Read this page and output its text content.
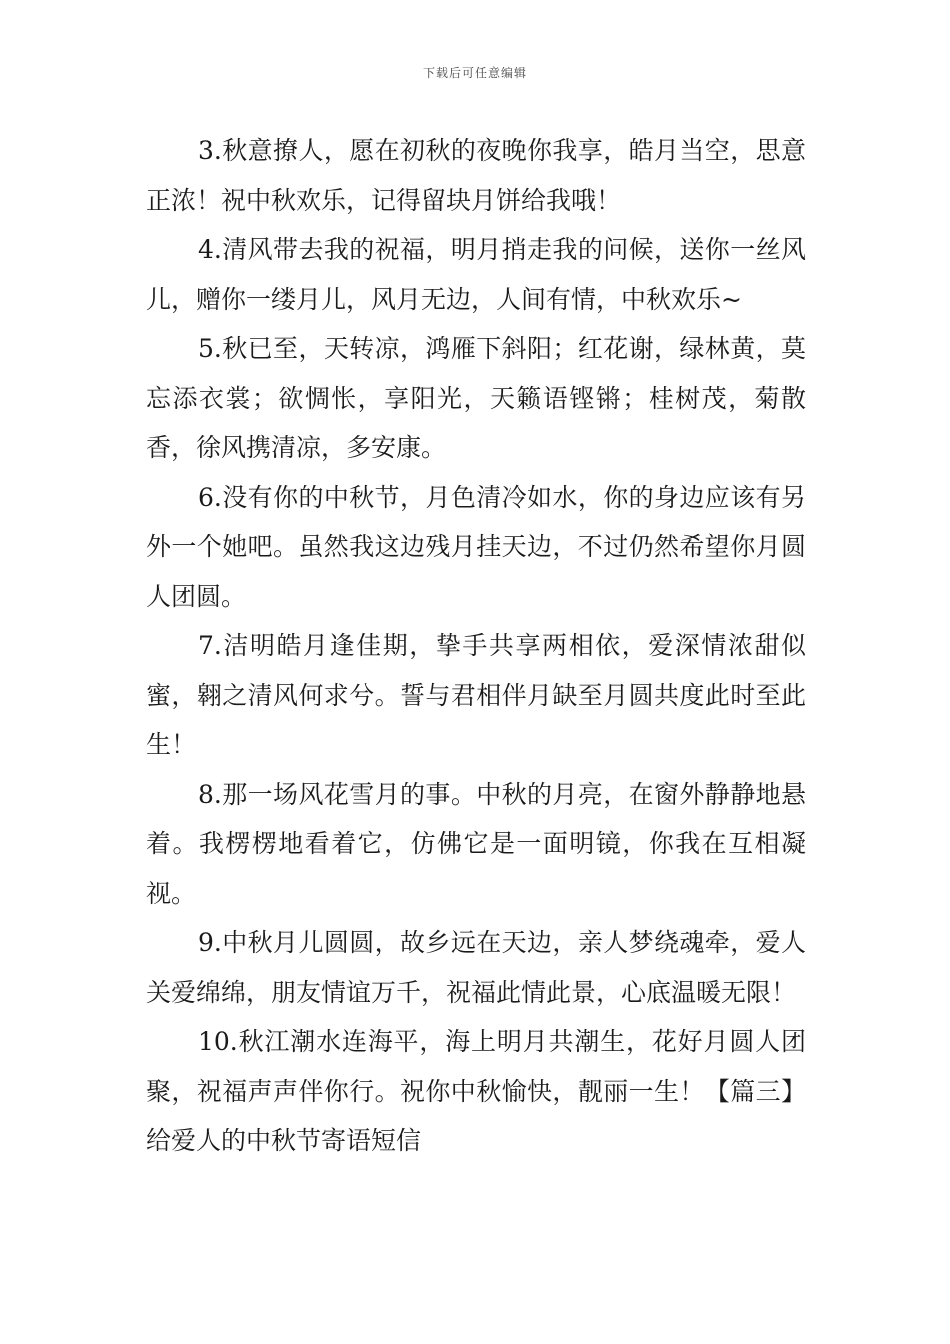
下载后可任意编辑

3.秋意撩人，愿在初秋的夜晚你我享，皓月当空，思意正浓！祝中秋欢乐，记得留块月饼给我哦！

4.清风带去我的祝福，明月捎走我的问候，送你一丝风儿，赠你一缕月儿，风月无边，人间有情，中秋欢乐~

5.秋已至，天转凉，鸿雁下斜阳；红花谢，绿林黄，莫忘添衣裳；欲惆怅，享阳光，天籁语铿锵；桂树茂，菊散香，徐风携清凉，多安康。

6.没有你的中秋节，月色清冷如水，你的身边应该有另外一个她吧。虽然我这边残月挂天边，不过仍然希望你月圆人团圆。

7.洁明皓月逢佳期，挚手共享两相依，爱深情浓甜似蜜，翱之清风何求兮。誓与君相伴月缺至月圆共度此时至此生！

8.那一场风花雪月的事。中秋的月亮，在窗外静静地悬着。我楞楞地看着它，仿佛它是一面明镜，你我在互相凝视。

9.中秋月儿圆圆，故乡远在天边，亲人梦绕魂牵，爱人关爱绵绵，朋友情谊万千，祝福此情此景，心底温暖无限！

10.秋江潮水连海平，海上明月共潮生，花好月圆人团聚，祝福声声伴你行。祝你中秋愉快，靓丽一生！【篇三】给爱人的中秋节寄语短信
